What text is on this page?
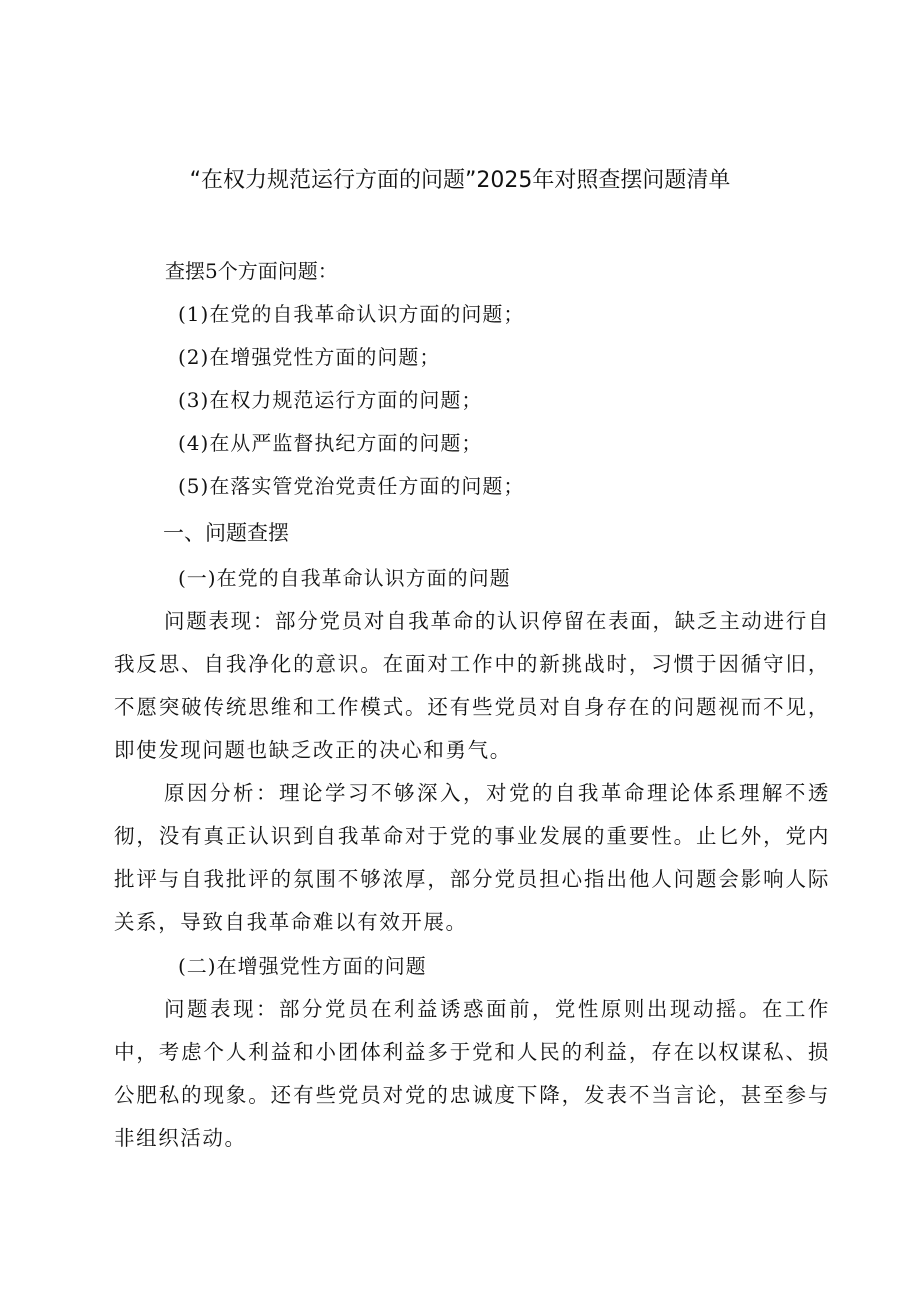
“在权力规范运行方面的问题”2025年对照查摆问题清单
查摆5个方面问题：
(1)在党的自我革命认识方面的问题；
(2)在增强党性方面的问题；
(3)在权力规范运行方面的问题；
(4)在从严监督执纪方面的问题；
(5)在落实管党治党责任方面的问题；
一、问题查摆
(一)在党的自我革命认识方面的问题

问题表现：部分党员对自我革命的认识停留在表面，缺乏主动进行自我反思、自我净化的意识。在面对工作中的新挑战时，习惯于因循守旧，不愿突破传统思维和工作模式。还有些党员对自身存在的问题视而不见，即使发现问题也缺乏改正的决心和勇气。

原因分析：理论学习不够深入，对党的自我革命理论体系理解不透彻，没有真正认识到自我革命对于党的事业发展的重要性。止匕外，党内批评与自我批评的氛围不够浓厚，部分党员担心指出他人问题会影响人际关系，导致自我革命难以有效开展。

(二)在增强党性方面的问题

问题表现：部分党员在利益诱惑面前，党性原则出现动摇。在工作中，考虑个人利益和小团体利益多于党和人民的利益，存在以权谋私、损公肥私的现象。还有些党员对党的忠诚度下降，发表不当言论，甚至参与非组织活动。
